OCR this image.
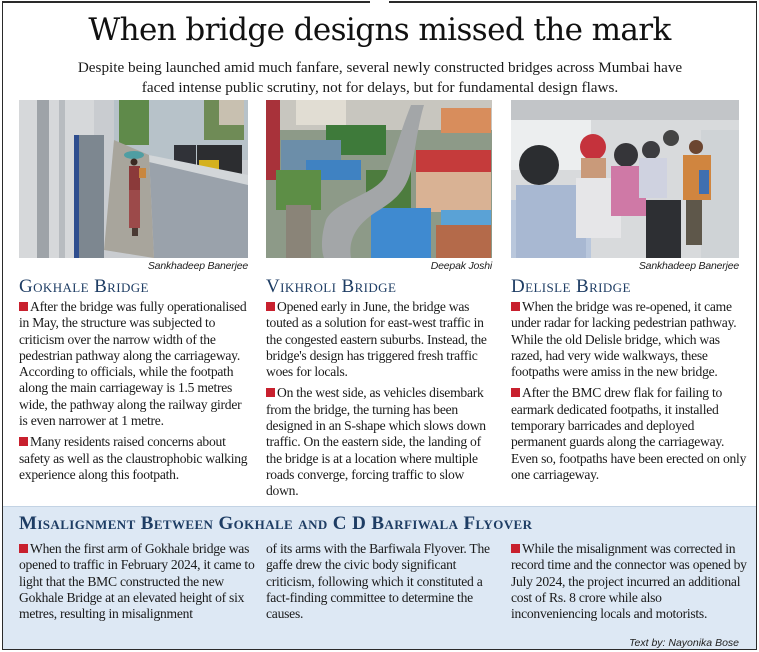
When bridge designs missed the mark

Despite being launched amid much fanfare, several newly constructed bridges across Mumbai have faced intense public scrutiny, not for delays, but for fundamental design flaws.

Sankhadeep Banerjee	Deepak Joshi	Sankhadeep Banerjee
Gokhale Bridge	Vikhroli Bridge	Delisle Bridge

After the bridge was fully operationalised in May, the structure was subjected to criticism over the narrow width of the pedestrian pathway along the carriageway. According to officials, while the footpath along the main carriageway is 1.5 metres wide, the pathway along the railway girder is even narrower at 1 metre.

Many residents raised concerns about safety as well as the claustrophobic walking experience along this footpath.

Opened early in June, the bridge was touted as a solution for east-west traffic in the congested eastern suburbs. Instead, the bridge's design has triggered fresh traffic woes for locals.

On the west side, as vehicles disembark from the bridge, the turning has been designed in an S-shape which slows down traffic. On the eastern side, the landing of the bridge is at a location where multiple roads converge, forcing traffic to slow down.

When the bridge was re-opened, it came under radar for lacking pedestrian pathway. While the old Delisle bridge, which was razed, had very wide walkways, these footpaths were amiss in the new bridge.

After the BMC drew flak for failing to earmark dedicated footpaths, it installed temporary barricades and deployed permanent guards along the carriageway. Even so, footpaths have been erected on only one carriageway.

Misalignment Between Gokhale and C D Barfiwala Flyover
When the first arm of Gokhale bridge was opened to traffic in February 2024, it came to light that the BMC constructed the new Gokhale Bridge at an elevated height of six metres, resulting in misalignment
of its arms with the Barfiwala Flyover. The gaffe drew the civic body significant criticism, following which it constituted a fact-finding committee to determine the causes.
While the misalignment was corrected in record time and the connector was opened by July 2024, the project incurred an additional cost of Rs. 8 crore while also inconveniencing locals and motorists.
Text by: Nayonika Bose
